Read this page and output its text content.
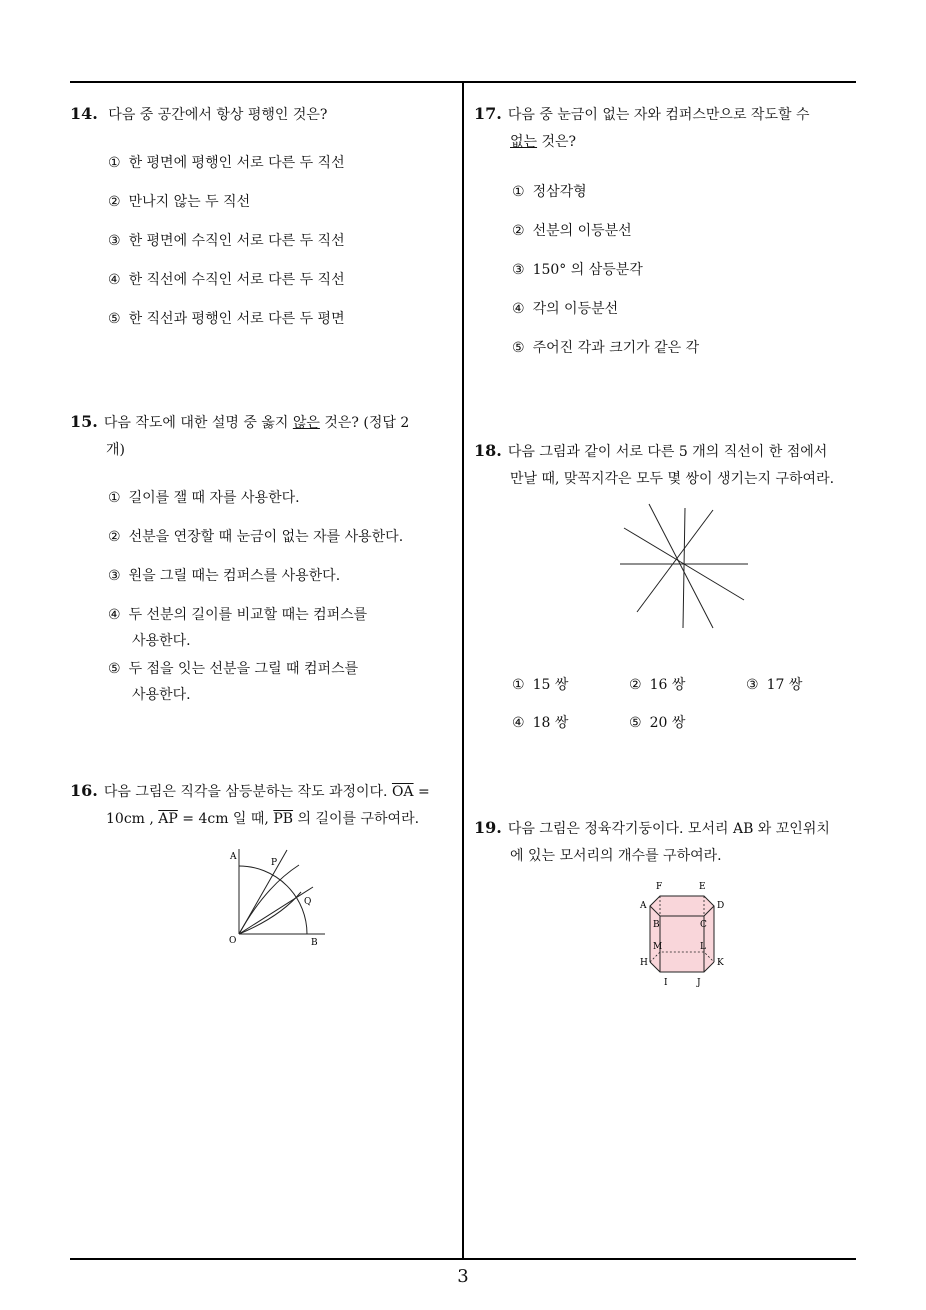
14. 다음 중 공간에서 항상 평행인 것은?
① 한 평면에 평행인 서로 다른 두 직선
② 만나지 않는 두 직선
③ 한 평면에 수직인 서로 다른 두 직선
④ 한 직선에 수직인 서로 다른 두 직선
⑤ 한 직선과 평행인 서로 다른 두 평면
15. 다음 작도에 대한 설명 중 옳지 않은 것은? (정답 2
개)
① 길이를 잴 때 자를 사용한다.
② 선분을 연장할 때 눈금이 없는 자를 사용한다.
③ 원을 그릴 때는 컴퍼스를 사용한다.
④ 두 선분의 길이를 비교할 때는 컴퍼스를
사용한다.
⑤ 두 점을 잇는 선분을 그릴 때 컴퍼스를
사용한다.
16. 다음 그림은 직각을 삼등분하는 작도 과정이다. $\overline{OA}$ =
10cm , $\overline{AP} = 4cm$ 일 때, $\overline{PB}$ 의 길이를 구하여라.
A
P
Q
O	B
17. 다음 중 눈금이 없는 자와 컴퍼스만으로 작도할 수
없는 것은?
① 정삼각형
② 선분의 이등분선
③ 150° 의 삼등분각
④ 각의 이등분선
⑤ 주어진 각과 크기가 같은 각
18. 다음 그림과 같이 서로 다른 5 개의 직선이 한 점에서
만날 때, 맞꼭지각은 모두 몇 쌍이 생기는지 구하여라.
① 15 쌍	② 16 쌍	③ 17 쌍
④ 18 쌍	⑤ 20 쌍
19. 다음 그림은 정육각기둥이다. 모서리 AB 와 꼬인위치
에 있는 모서리의 개수를 구하여라.
F	E
A	D
B	C
M	L
H	K
I	J
3
